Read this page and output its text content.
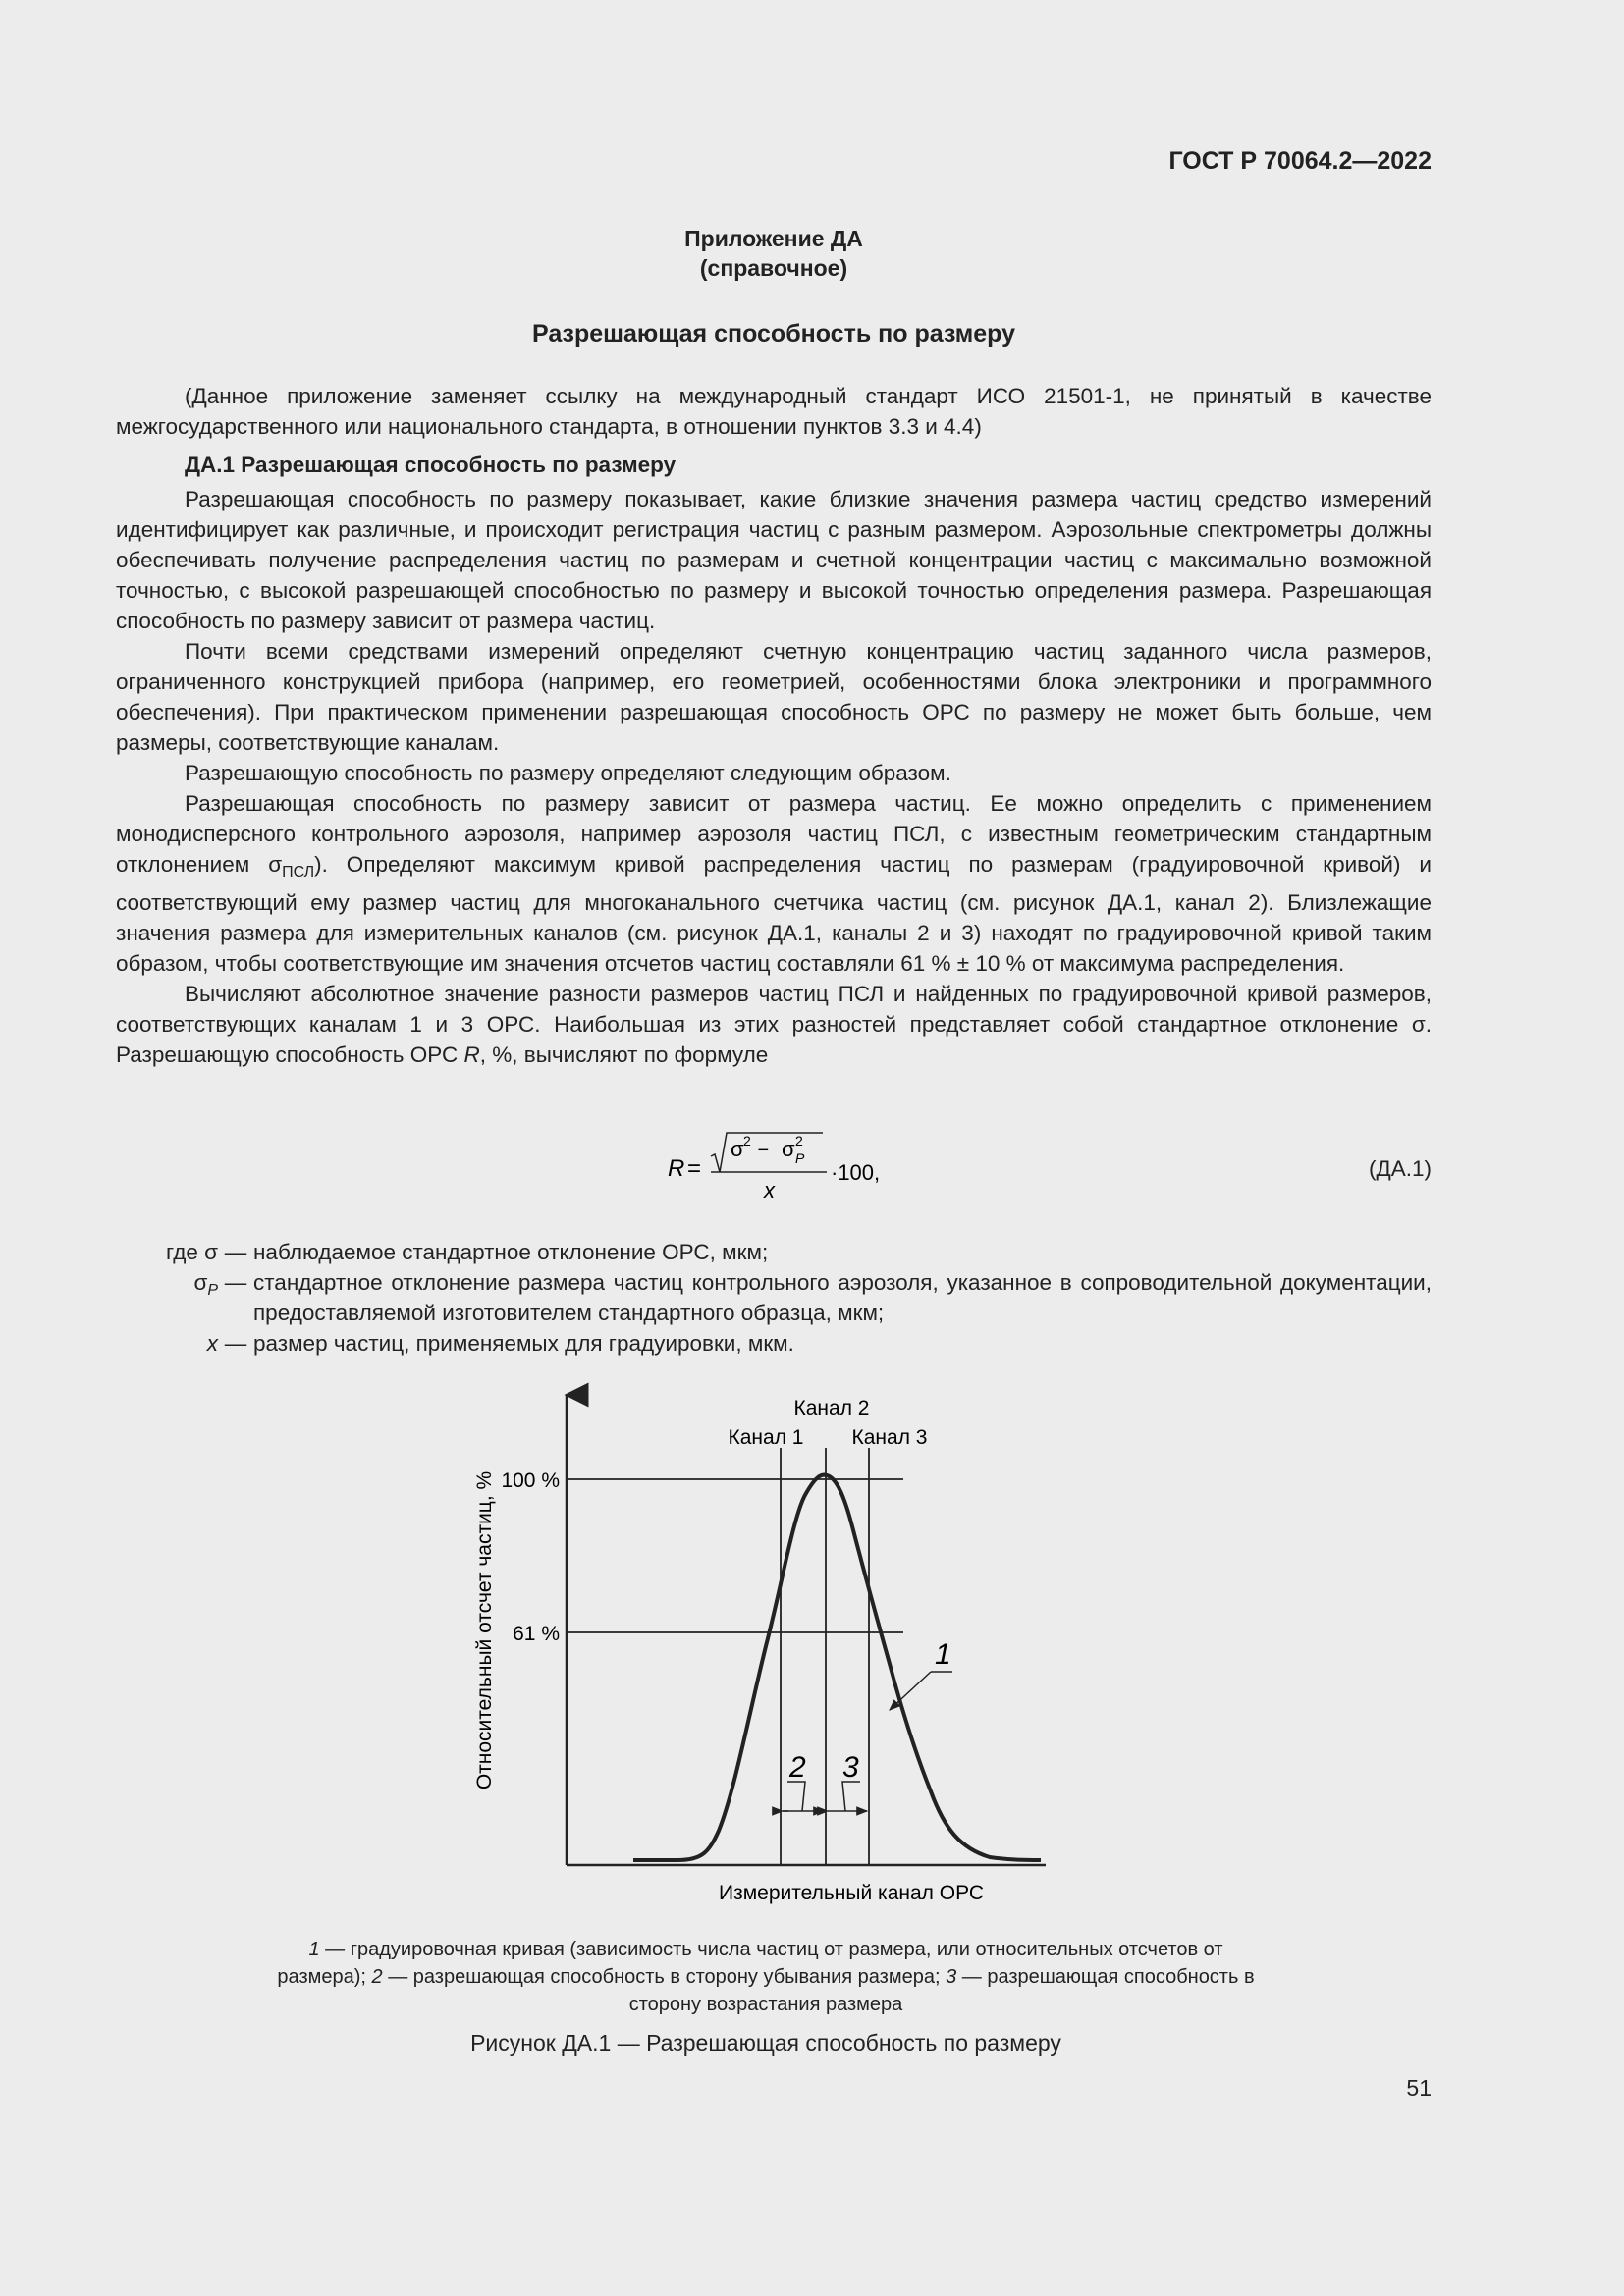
ГОСТ Р 70064.2—2022
Приложение ДА
(справочное)
Разрешающая способность по размеру

(Данное приложение заменяет ссылку на международный стандарт ИСО 21501-1, не принятый в качестве межгосударственного или национального стандарта, в отношении пунктов 3.3 и 4.4)

ДА.1 Разрешающая способность по размеру

Разрешающая способность по размеру показывает, какие близкие значения размера частиц средство измерений идентифицирует как различные, и происходит регистрация частиц с разным размером. Аэрозольные спектрометры должны обеспечивать получение распределения частиц по размерам и счетной концентрации частиц с максимально возможной точностью, с высокой разрешающей способностью по размеру и высокой точностью определения размера. Разрешающая способность по размеру зависит от размера частиц.

Почти всеми средствами измерений определяют счетную концентрацию частиц заданного числа размеров, ограниченного конструкцией прибора (например, его геометрией, особенностями блока электроники и программного обеспечения). При практическом применении разрешающая способность ОРС по размеру не может быть больше, чем размеры, соответствующие каналам.

Разрешающую способность по размеру определяют следующим образом.

Разрешающая способность по размеру зависит от размера частиц. Ее можно определить с применением монодисперсного контрольного аэрозоля, например аэрозоля частиц ПСЛ, с известным геометрическим стандартным отклонением $\sigma_{ПСЛ}$). Определяют максимум кривой распределения частиц по размерам (градуировочной кривой) и соответствующий ему размер частиц для многоканального счетчика частиц (см. рисунок ДА.1, канал 2). Близлежащие значения размера для измерительных каналов (см. рисунок ДА.1, каналы 2 и 3) находят по градуировочной кривой таким образом, чтобы соответствующие им значения отсчетов частиц составляли 61 % ± 10 % от максимума распределения.

Вычисляют абсолютное значение разности размеров частиц ПСЛ и найденных по градуировочной кривой размеров, соответствующих каналам 1 и 3 ОРС. Наибольшая из этих разностей представляет собой стандартное отклонение σ. Разрешающую способность ОРС R, %, вычисляют по формуле

R =
σ 2 − σ 2
P
x
·100,	(ДА.1)
где σ — наблюдаемое стандартное отклонение ОРС, мкм;
$\sigma_P$ — стандартное отклонение размера частиц контрольного аэрозоля, указанное в сопроводительной документации, предоставляемой изготовителем стандартного образца, мкм;
x — размер частиц, применяемых для градуировки, мкм.
100 %
61 %
Канал 2
Канал 1 Канал 3
1
2 3
Относительный отсчет частиц, %
Измерительный канал ОРС
1 — градуировочная кривая (зависимость числа частиц от размера, или относительных отсчетов от размера); 2 — разрешающая способность в сторону убывания размера; 3 — разрешающая способность в сторону возрастания размера
Рисунок ДА.1 — Разрешающая способность по размеру
51
